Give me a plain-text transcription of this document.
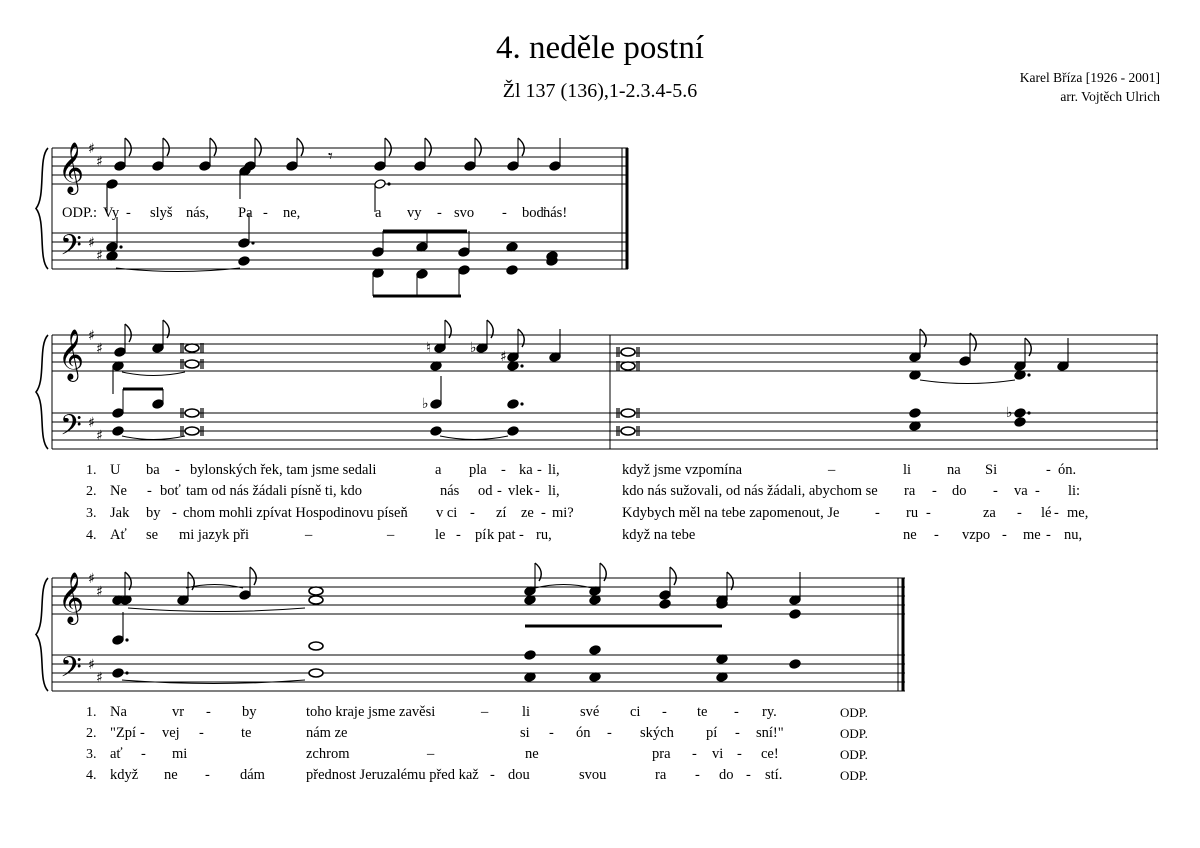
4. neděle postní
Žl 137 (136),1-2.3.4-5.6
Karel Bříza [1926 - 2001]
arr. Vojtěch Ulrich
𝄞
𝄢
♯
♯
♯
♯
𝄾
𝄞
𝄢
♯
♯
♯
♯
♮	♭
♯
♭
♭
𝄞
𝄢
♯
♯
♯
♯
ODP.: Vy - slyš nás, Pa - ne,	a vy - svo - boď
nás!
1. U ba - bylonských řek, tam jsme sedali	a pla - ka - li,	když jsme vzpomína	–	li na Si	- ón.
2. Ne - boť tam od nás žádali písně ti, kdo	nás od - vlek - li,	kdo nás sužovali, od nás žádali, abychom se ra - do - va - li:
3. Jak by - chom mohli zpívat Hospodinovu píseň v ci - zí ze - mi?	Kdybych měl na tebe zapomenout, Je - ru -	za - lé - me,
4. Ať se mi jazyk při	–	–	le - pí k pat - ru,	když na tebe	ne - vzpo - me - nu,
1. Na	vr - by	toho kraje jsme zavěsi	– li	své ci - te - ry.	ODP.
2. "Zpí - vej -	te	nám ze	si - ón - ských pí - sní!"	ODP.
3. ať - mi	zchrom	–	ne	pra - vi - ce!	ODP.
4. když ne - dám	přednost Jeruzalému před kaž - dou	svou	ra - do - stí.	ODP.
